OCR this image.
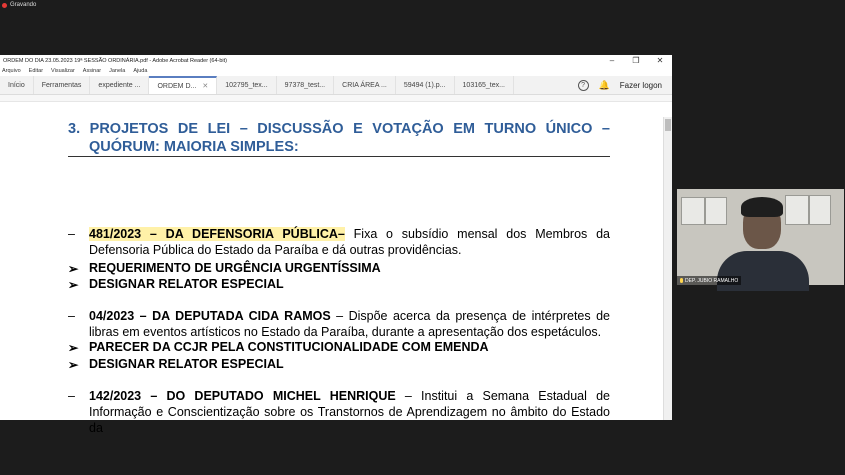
Gravando
ORDEM DO DIA 23.05.2023 19ª SESSÃO ORDINÁRIA.pdf - Adobe Acrobat Reader (64-bit)	–	❐	✕
Arquivo Editar Visualizar Assinar Janela Ajuda
Início Ferramentas expediente ... ORDEM D... ✕ 102795_tex... 97378_test... CRIA ÁREA ... 59494 (1).p... 103165_tex...	?	🔔 Fazer logon
3. PROJETOS DE LEI – DISCUSSÃO E VOTAÇÃO EM TURNO ÚNICO –
QUÓRUM: MAIORIA SIMPLES:
– 481/2023 – DA DEFENSORIA PÚBLICA– Fixa o subsídio mensal dos Membros da Defensoria Pública do Estado da Paraíba e dá outras providências.
➢ REQUERIMENTO DE URGÊNCIA URGENTÍSSIMA
➢ DESIGNAR RELATOR ESPECIAL
– 04/2023 – DA DEPUTADA CIDA RAMOS – Dispõe acerca da presença de intérpretes de libras em eventos artísticos no Estado da Paraíba, durante a apresentação dos espetáculos.
➢ PARECER DA CCJR PELA CONSTITUCIONALIDADE COM EMENDA
➢ DESIGNAR RELATOR ESPECIAL
– 142/2023 – DO DEPUTADO MICHEL HENRIQUE – Institui a Semana Estadual de Informação e Conscientização sobre os Transtornos de Aprendizagem no âmbito do Estado da
DEP. JUBIO RAMALHO
